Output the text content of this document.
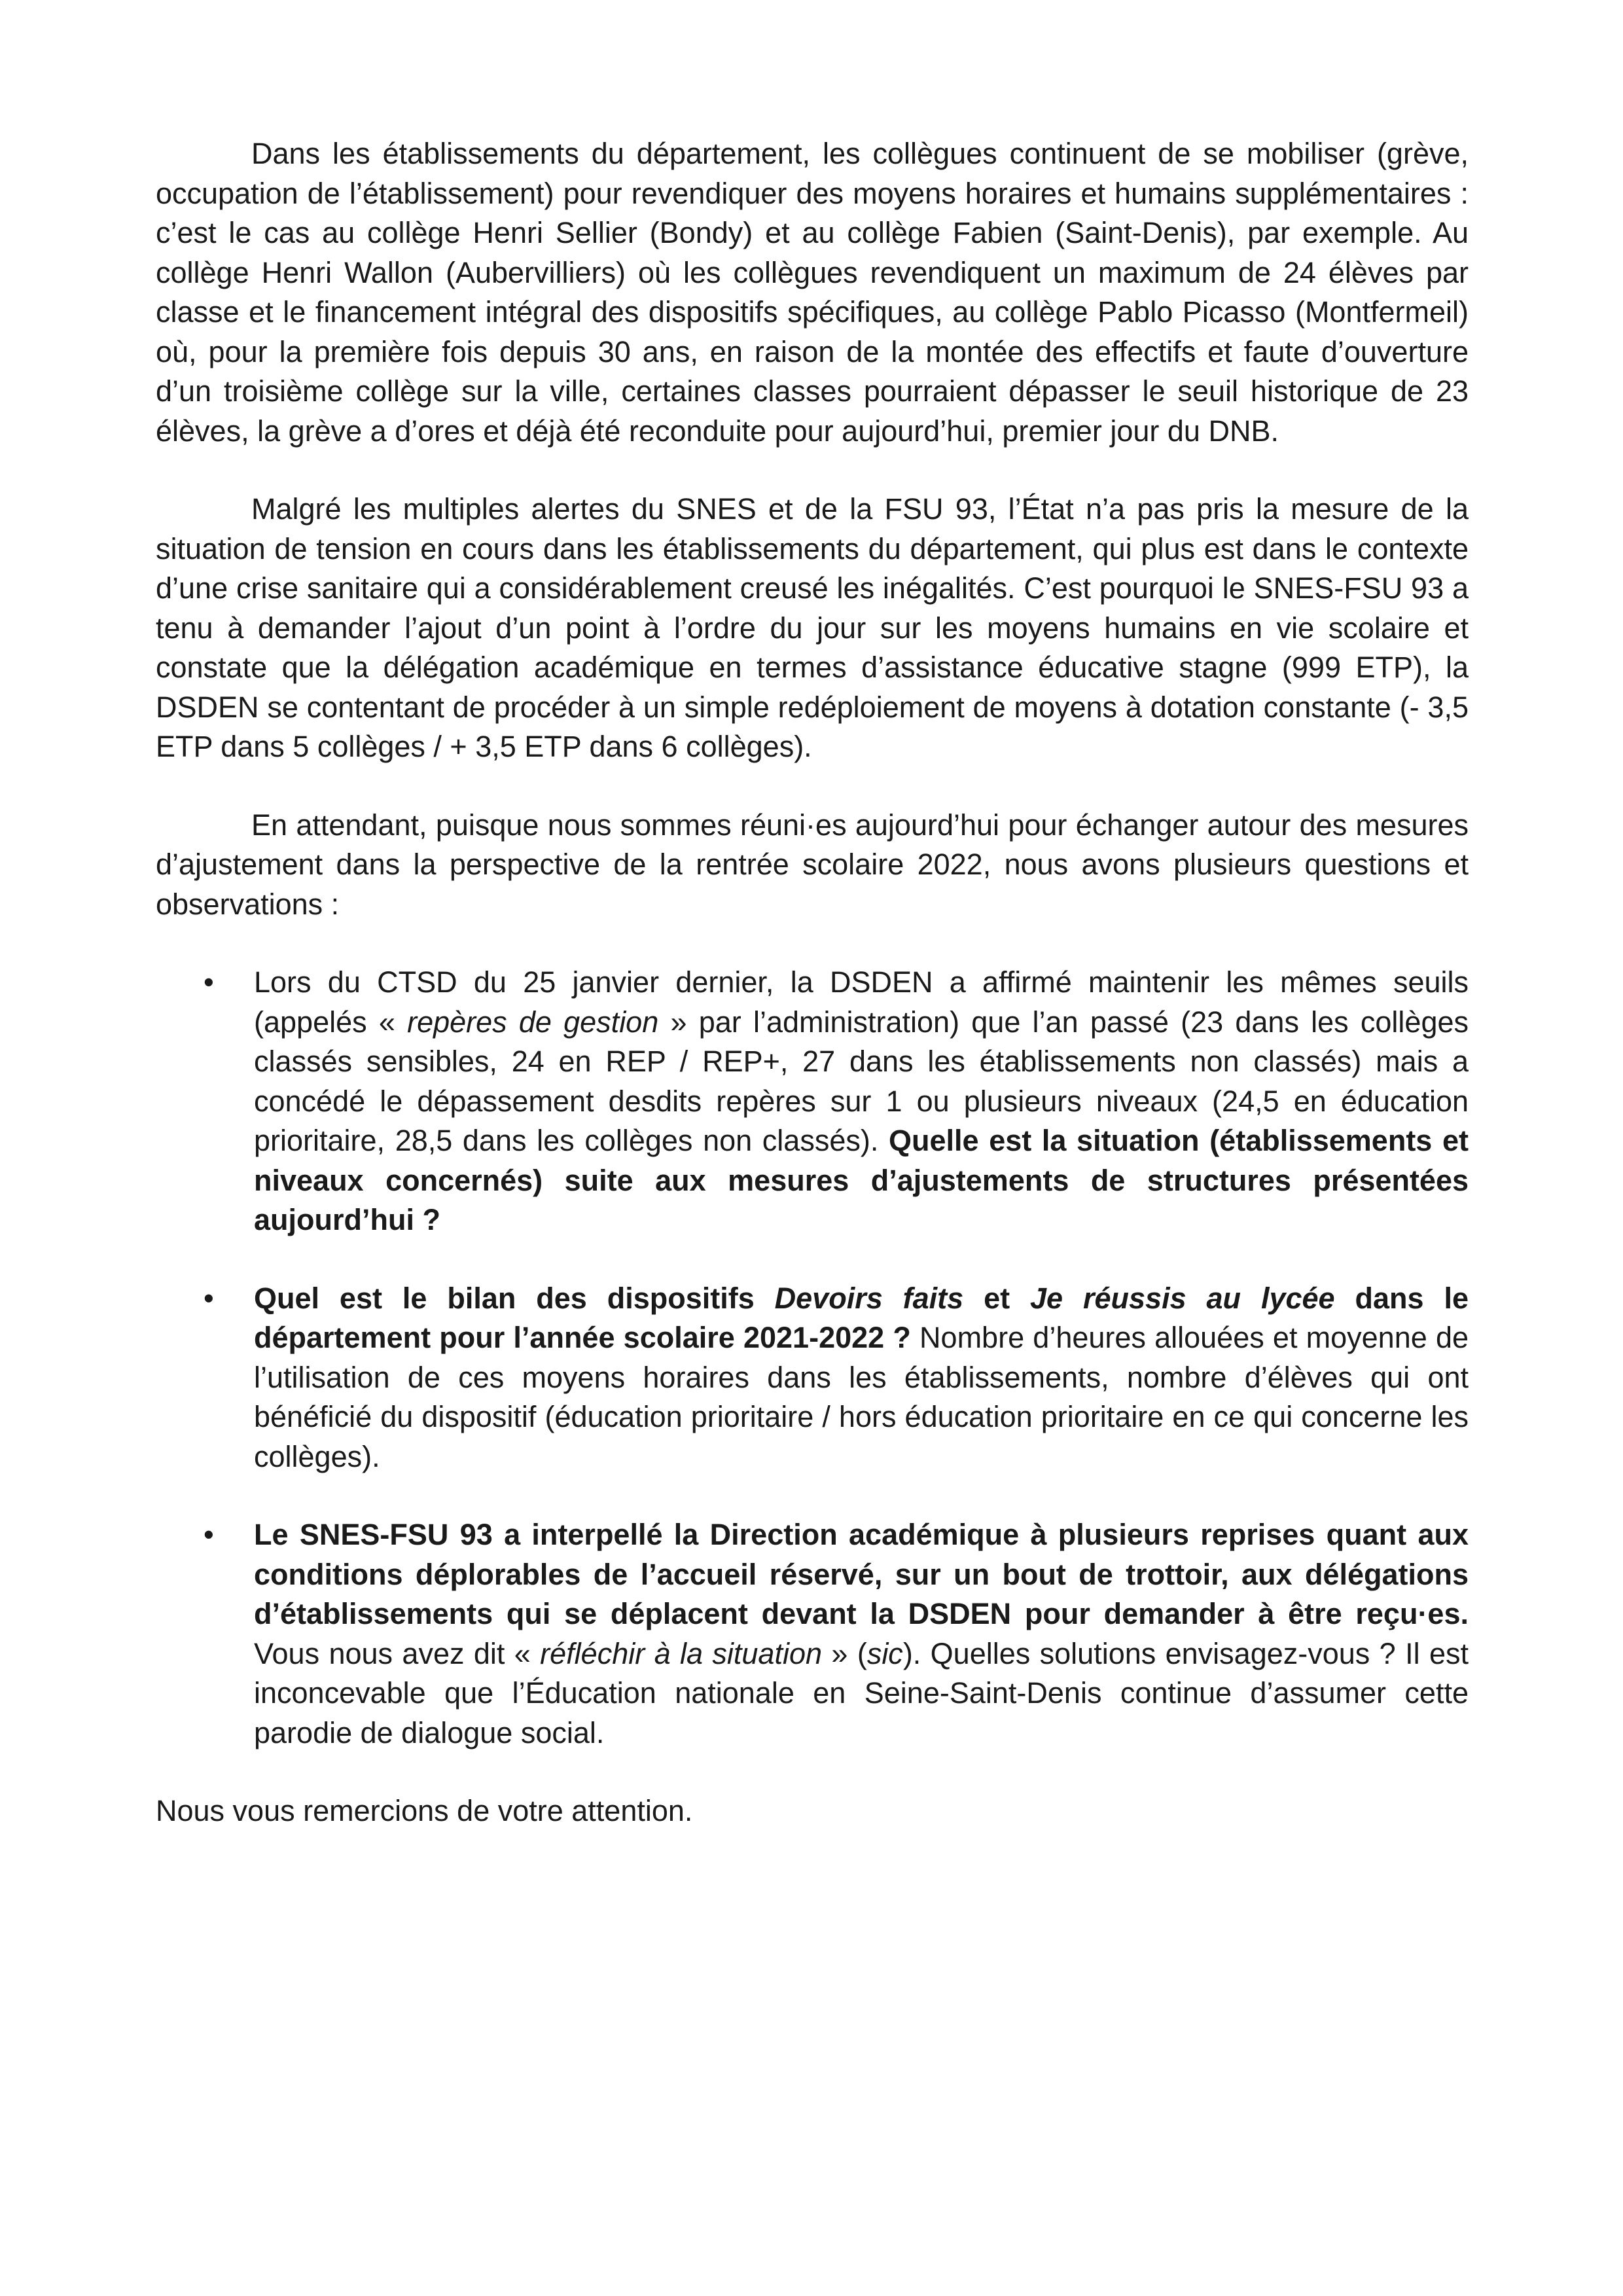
Dans les établissements du département, les collègues continuent de se mobiliser (grève, occupation de l’établissement) pour revendiquer des moyens horaires et humains supplémentaires : c’est le cas au collège Henri Sellier (Bondy) et au collège Fabien (Saint-Denis), par exemple. Au collège Henri Wallon (Aubervilliers) où les collègues revendiquent un maximum de 24 élèves par classe et le financement intégral des dispositifs spécifiques, au collège Pablo Picasso (Montfermeil) où, pour la première fois depuis 30 ans, en raison de la montée des effectifs et faute d’ouverture d’un troisième collège sur la ville, certaines classes pourraient dépasser le seuil historique de 23 élèves, la grève a d’ores et déjà été reconduite pour aujourd’hui, premier jour du DNB.

Malgré les multiples alertes du SNES et de la FSU 93, l’État n’a pas pris la mesure de la situation de tension en cours dans les établissements du département, qui plus est dans le contexte d’une crise sanitaire qui a considérablement creusé les inégalités. C’est pourquoi le SNES-FSU 93 a tenu à demander l’ajout d’un point à l’ordre du jour sur les moyens humains en vie scolaire et constate que la délégation académique en termes d’assistance éducative stagne (999 ETP), la DSDEN se contentant de procéder à un simple redéploiement de moyens à dotation constante (- 3,5 ETP dans 5 collèges / + 3,5 ETP dans 6 collèges).

En attendant, puisque nous sommes réuni·es aujourd’hui pour échanger autour des mesures d’ajustement dans la perspective de la rentrée scolaire 2022, nous avons plusieurs questions et observations :

• Lors du CTSD du 25 janvier dernier, la DSDEN a affirmé maintenir les mêmes seuils (appelés « repères de gestion » par l’administration) que l’an passé (23 dans les collèges classés sensibles, 24 en REP / REP+, 27 dans les établissements non classés) mais a concédé le dépassement desdits repères sur 1 ou plusieurs niveaux (24,5 en éducation prioritaire, 28,5 dans les collèges non classés). Quelle est la situation (établissements et niveaux concernés) suite aux mesures d’ajustements de structures présentées aujourd’hui ?
• Quel est le bilan des dispositifs Devoirs faits et Je réussis au lycée dans le département pour l’année scolaire 2021-2022 ? Nombre d’heures allouées et moyenne de l’utilisation de ces moyens horaires dans les établissements, nombre d’élèves qui ont bénéficié du dispositif (éducation prioritaire / hors éducation prioritaire en ce qui concerne les collèges).
• Le SNES-FSU 93 a interpellé la Direction académique à plusieurs reprises quant aux conditions déplorables de l’accueil réservé, sur un bout de trottoir, aux délégations d’établissements qui se déplacent devant la DSDEN pour demander à être reçu·es. Vous nous avez dit « réfléchir à la situation » (sic). Quelles solutions envisagez-vous ? Il est inconcevable que l’Éducation nationale en Seine-Saint-Denis continue d’assumer cette parodie de dialogue social.

Nous vous remercions de votre attention.
